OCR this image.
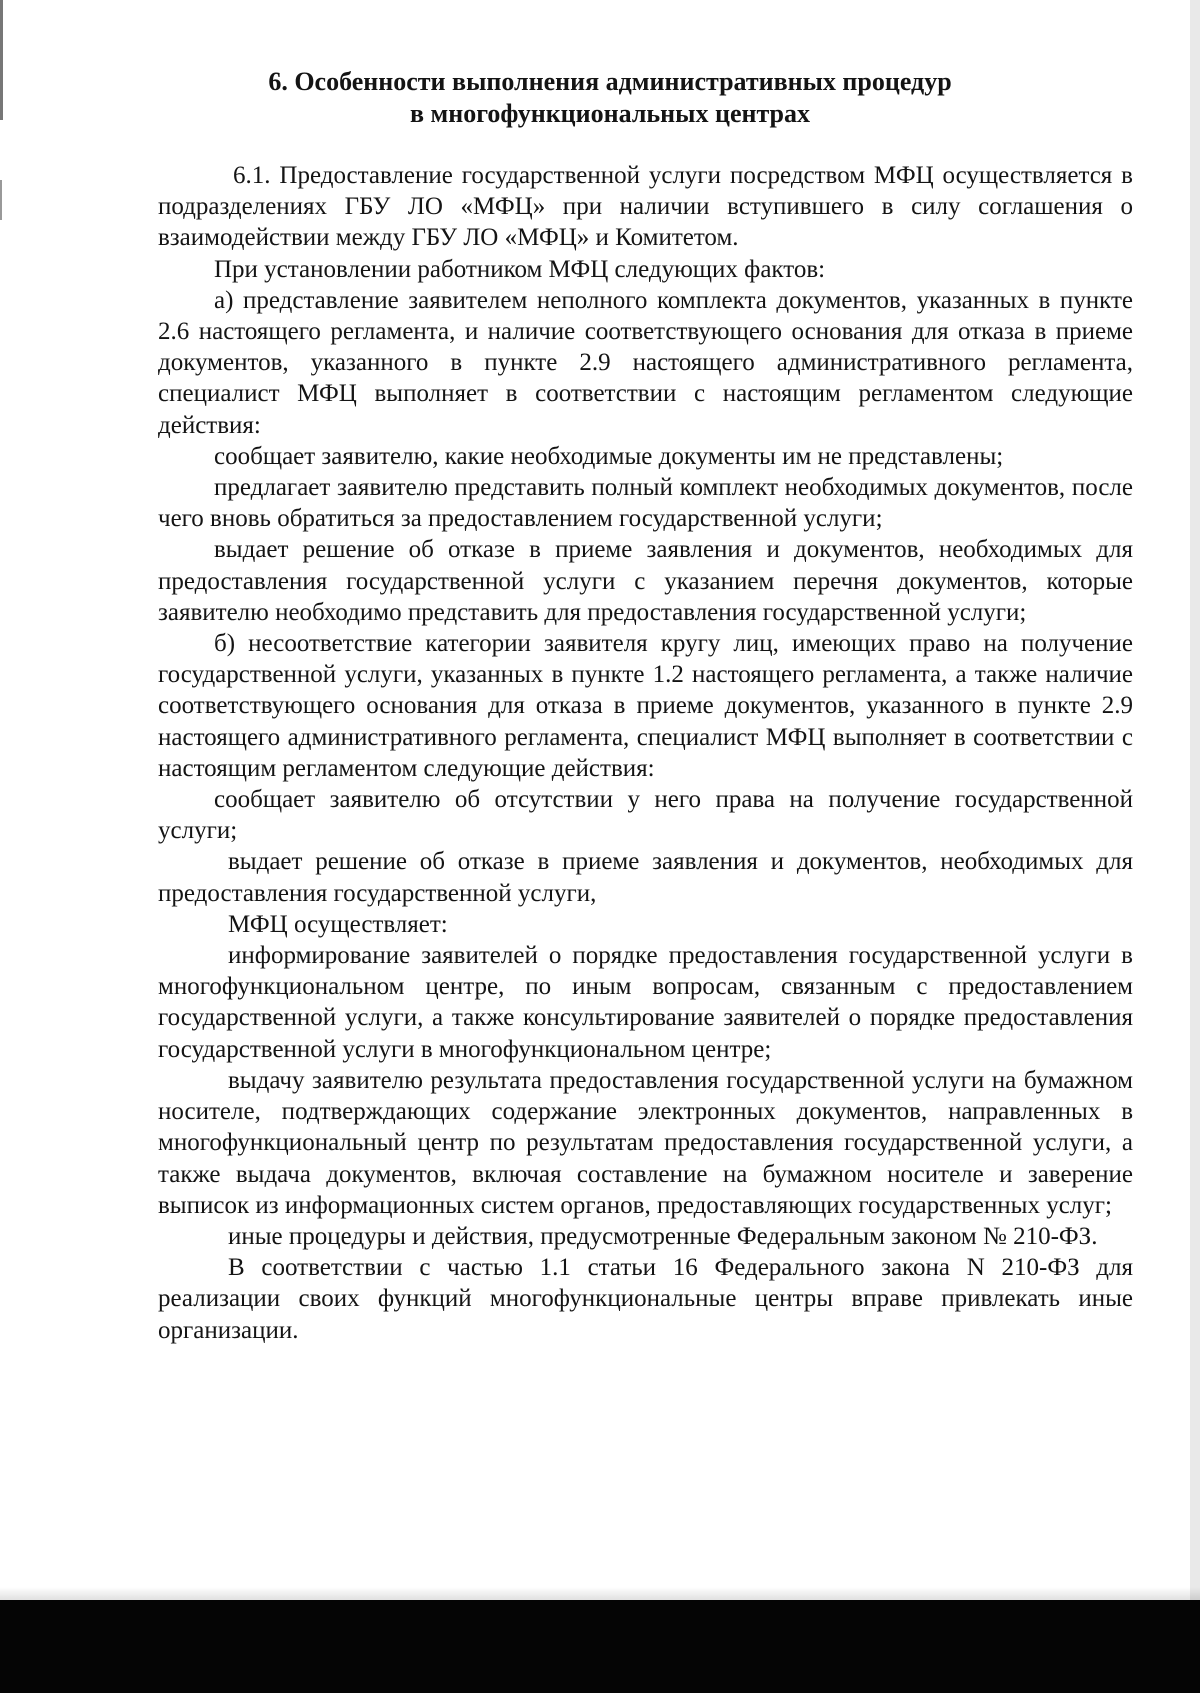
6. Особенности выполнения административных процедур
в многофункциональных центрах

6.1. Предоставление государственной услуги посредством МФЦ осуществляется в подразделениях ГБУ ЛО «МФЦ» при наличии вступившего в силу соглашения о взаимодействии между ГБУ ЛО «МФЦ» и Комитетом.

При установлении работником МФЦ следующих фактов:

а) представление заявителем неполного комплекта документов, указанных в пункте 2.6 настоящего регламента, и наличие соответствующего основания для отказа в приеме документов, указанного в пункте 2.9 настоящего административного регламента, специалист МФЦ выполняет в соответствии с настоящим регламентом следующие действия:

сообщает заявителю, какие необходимые документы им не представлены;

предлагает заявителю представить полный комплект необходимых документов, после чего вновь обратиться за предоставлением государственной услуги;

выдает решение об отказе в приеме заявления и документов, необходимых для предоставления государственной услуги с указанием перечня документов, которые заявителю необходимо представить для предоставления государственной услуги;

б) несоответствие категории заявителя кругу лиц, имеющих право на получение государственной услуги, указанных в пункте 1.2 настоящего регламента, а также наличие соответствующего основания для отказа в приеме документов, указанного в пункте 2.9 настоящего административного регламента, специалист МФЦ выполняет в соответствии с настоящим регламентом следующие действия:

сообщает заявителю об отсутствии у него права на получение государственной услуги;

выдает решение об отказе в приеме заявления и документов, необходимых для предоставления государственной услуги,

МФЦ осуществляет:

информирование заявителей о порядке предоставления государственной услуги в многофункциональном центре, по иным вопросам, связанным с предоставлением государственной услуги, а также консультирование заявителей о порядке предоставления государственной услуги в многофункциональном центре;

выдачу заявителю результата предоставления государственной услуги на бумажном носителе, подтверждающих содержание электронных документов, направленных в многофункциональный центр по результатам предоставления государственной услуги, а также выдача документов, включая составление на бумажном носителе и заверение выписок из информационных систем органов, предоставляющих государственных услуг;

иные процедуры и действия, предусмотренные Федеральным законом № 210-ФЗ.

В соответствии с частью 1.1 статьи 16 Федерального закона N 210-ФЗ для реализации своих функций многофункциональные центры вправе привлекать иные организации.
